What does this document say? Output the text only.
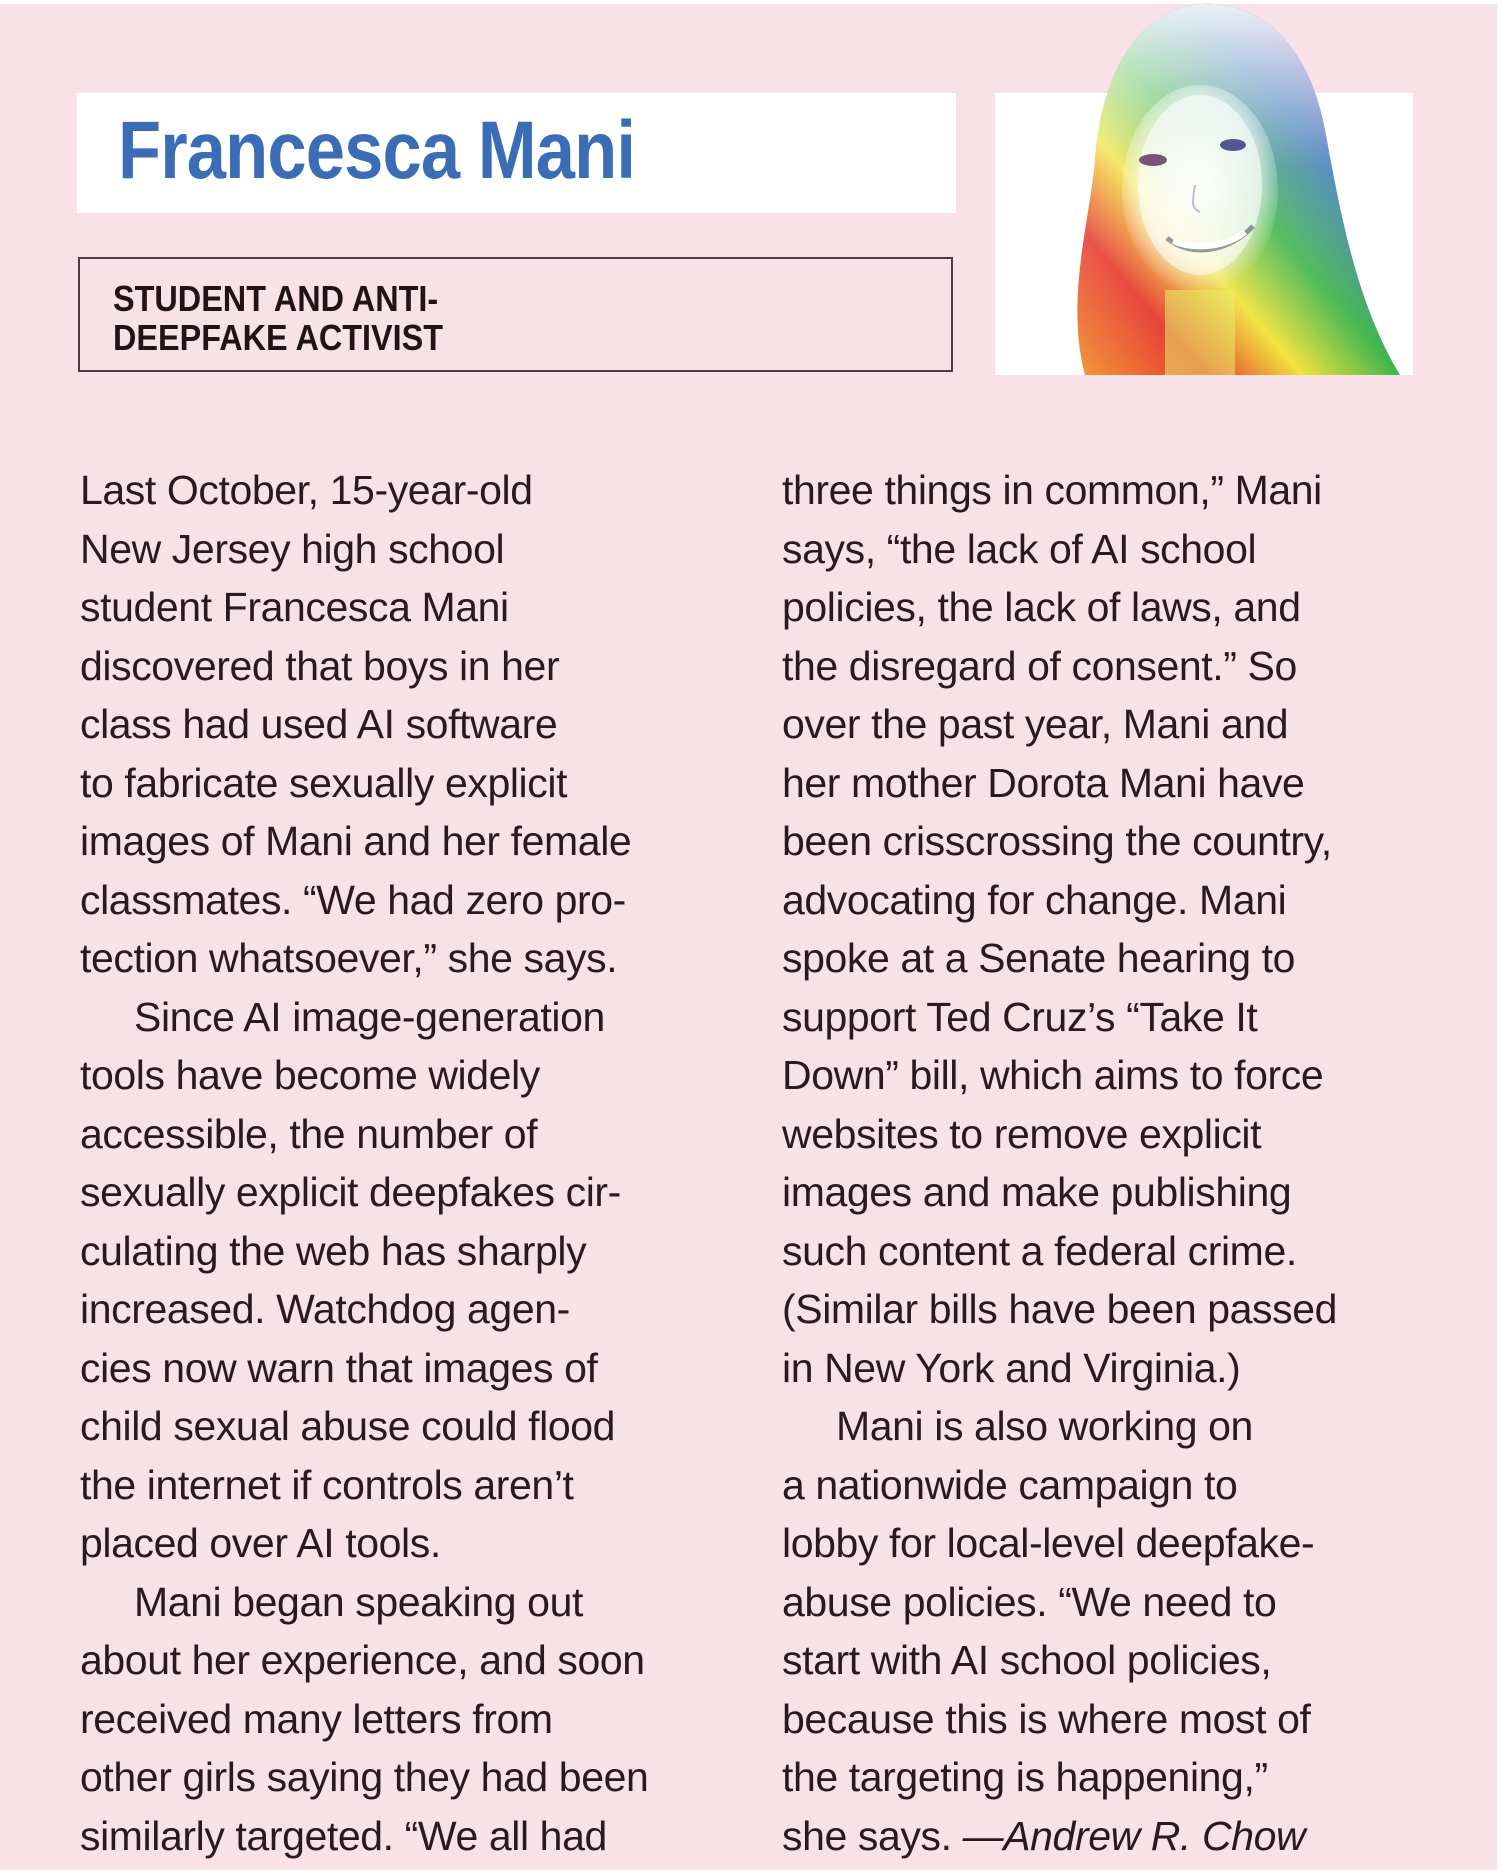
Francesca Mani
STUDENT AND ANTI-
DEEPFAKE ACTIVIST
Last October, 15-year-old
New Jersey high school
student Francesca Mani
discovered that boys in her
class had used AI software
to fabricate sexually explicit
images of Mani and her female
classmates. “We had zero pro-
tection whatsoever,” she says.
Since AI image-generation
tools have become widely
accessible, the number of
sexually explicit deepfakes cir-
culating the web has sharply
increased. Watchdog agen-
cies now warn that images of
child sexual abuse could flood
the internet if controls aren’t
placed over AI tools.
Mani began speaking out
about her experience, and soon
received many letters from
other girls saying they had been
similarly targeted. “We all had
three things in common,” Mani
says, “the lack of AI school
policies, the lack of laws, and
the disregard of consent.” So
over the past year, Mani and
her mother Dorota Mani have
been crisscrossing the country,
advocating for change. Mani
spoke at a Senate hearing to
support Ted Cruz’s “Take It
Down” bill, which aims to force
websites to remove explicit
images and make publishing
such content a federal crime.
(Similar bills have been passed
in New York and Virginia.)
Mani is also working on
a nationwide campaign to
lobby for local-level deepfake-
abuse policies. “We need to
start with AI school policies,
because this is where most of
the targeting is happening,”
she says. —Andrew R. Chow
